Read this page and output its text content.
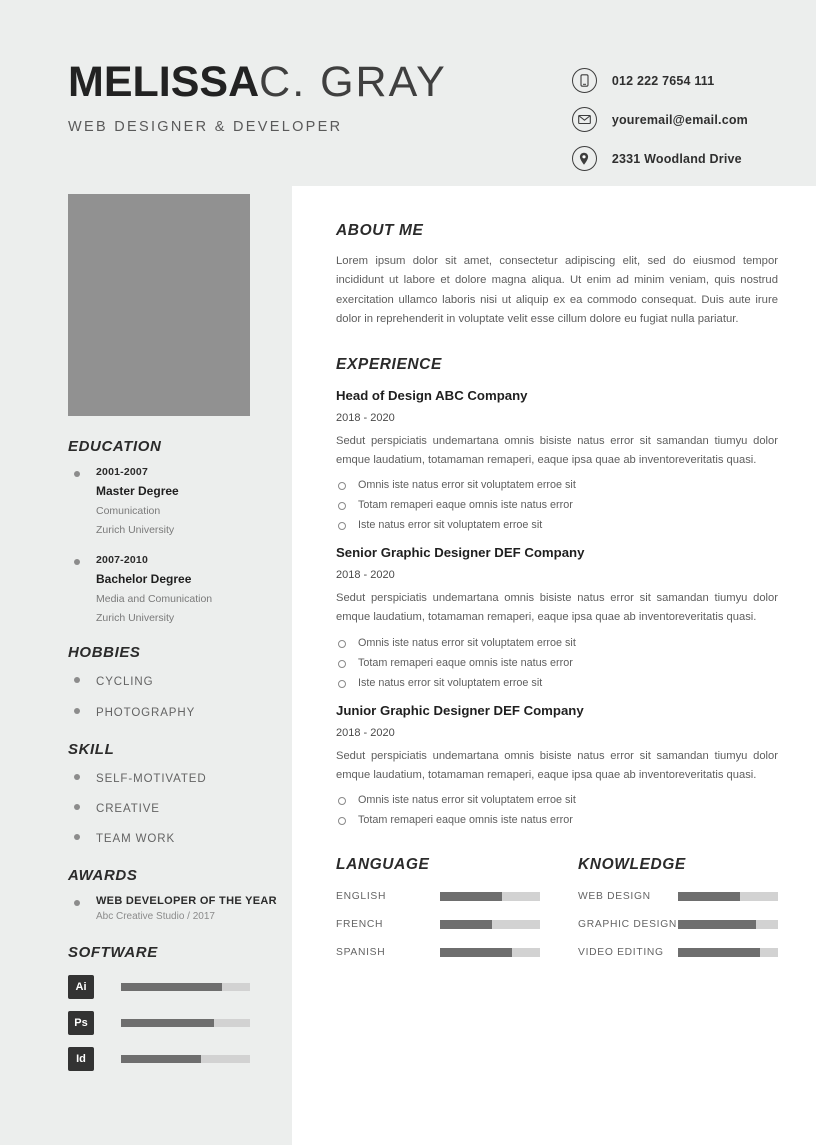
MELISSAC. GRAY
WEB DESIGNER & DEVELOPER
012 222 7654 111
youremail@email.com
2331 Woodland Drive
EDUCATION
2001-2007
Master Degree
Comunication
Zurich University
2007-2010
Bachelor Degree
Media and Comunication
Zurich University
HOBBIES
CYCLING
PHOTOGRAPHY
SKILL
SELF-MOTIVATED
CREATIVE
TEAM WORK
AWARDS
WEB DEVELOPER OF THE YEAR
Abc Creative Studio / 2017
SOFTWARE
Ai
Ps
Id
ABOUT ME

Lorem ipsum dolor sit amet, consectetur adipiscing elit, sed do eiusmod tempor incididunt ut labore et dolore magna aliqua. Ut enim ad minim veniam, quis nostrud exercitation ullamco laboris nisi ut aliquip ex ea commodo consequat. Duis aute irure dolor in reprehenderit in voluptate velit esse cillum dolore eu fugiat nulla pariatur.

EXPERIENCE
Head of Design ABC Company
2018 - 2020

Sedut perspiciatis undemartana omnis bisiste natus error sit samandan tiumyu dolor emque laudatium, totamaman remaperi, eaque ipsa quae ab inventoreveritatis quasi.

Omnis iste natus error sit voluptatem erroe sit
Totam remaperi eaque omnis iste natus error
Iste natus error sit voluptatem erroe sit
Senior Graphic Designer DEF Company
2018 - 2020

Sedut perspiciatis undemartana omnis bisiste natus error sit samandan tiumyu dolor emque laudatium, totamaman remaperi, eaque ipsa quae ab inventoreveritatis quasi.

Omnis iste natus error sit voluptatem erroe sit
Totam remaperi eaque omnis iste natus error
Iste natus error sit voluptatem erroe sit
Junior Graphic Designer DEF Company
2018 - 2020

Sedut perspiciatis undemartana omnis bisiste natus error sit samandan tiumyu dolor emque laudatium, totamaman remaperi, eaque ipsa quae ab inventoreveritatis quasi.

Omnis iste natus error sit voluptatem erroe sit
Totam remaperi eaque omnis iste natus error
LANGUAGE
ENGLISH
FRENCH
SPANISH
KNOWLEDGE
WEB DESIGN
GRAPHIC DESIGN
VIDEO EDITING
